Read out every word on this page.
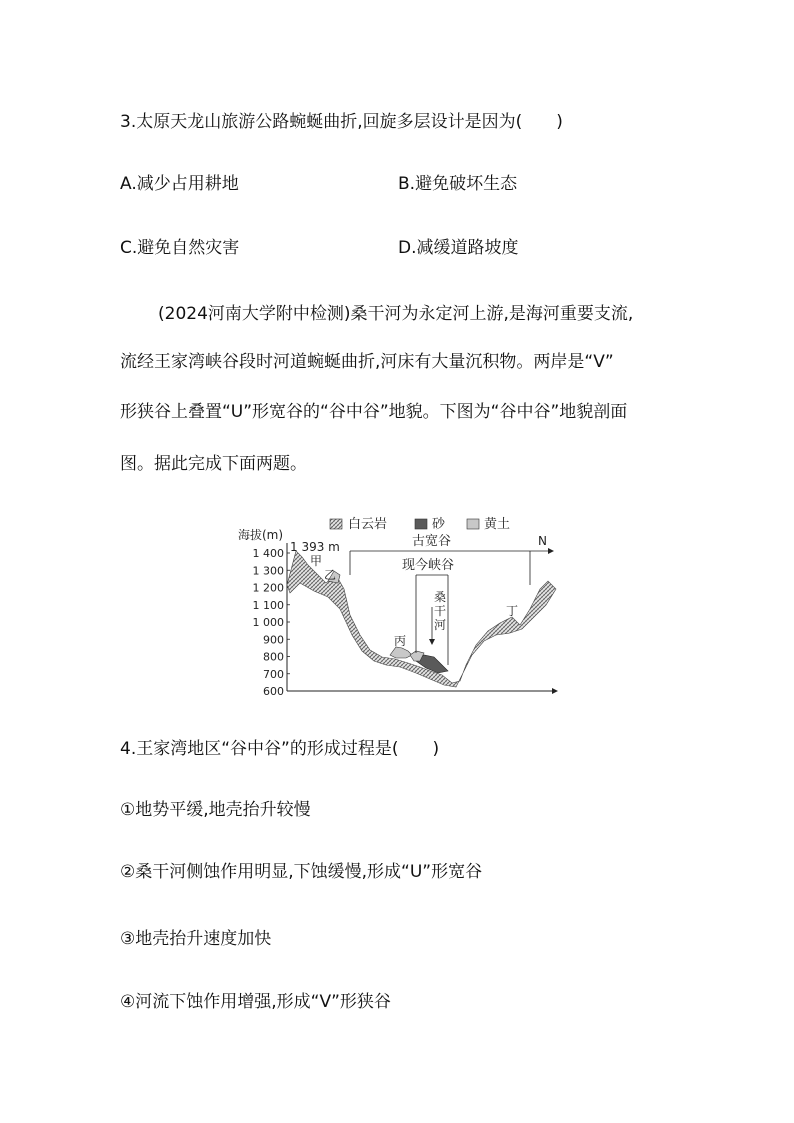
3.太原天龙山旅游公路蜿蜒曲折,回旋多层设计是因为(　　)
A.减少占用耕地	B.避免破坏生态
C.避免自然灾害	D.减缓道路坡度
(2024河南大学附中检测)桑干河为永定河上游,是海河重要支流,
流经王家湾峡谷段时河道蜿蜒曲折,河床有大量沉积物。两岸是“V”
形狭谷上叠置“U”形宽谷的“谷中谷”地貌。下图为“谷中谷”地貌剖面
图。据此完成下面两题。
白云岩	砂	黄土
海拔(m)
1 400
1 300
1 200
1 100
1 000
900
800
700
600
1 393 m
甲
乙
丙
丁
古宽谷	N
现今峡谷
桑
干
河
4.王家湾地区“谷中谷”的形成过程是(　　)
①地势平缓,地壳抬升较慢
②桑干河侧蚀作用明显,下蚀缓慢,形成“U”形宽谷
③地壳抬升速度加快
④河流下蚀作用增强,形成“V”形狭谷
